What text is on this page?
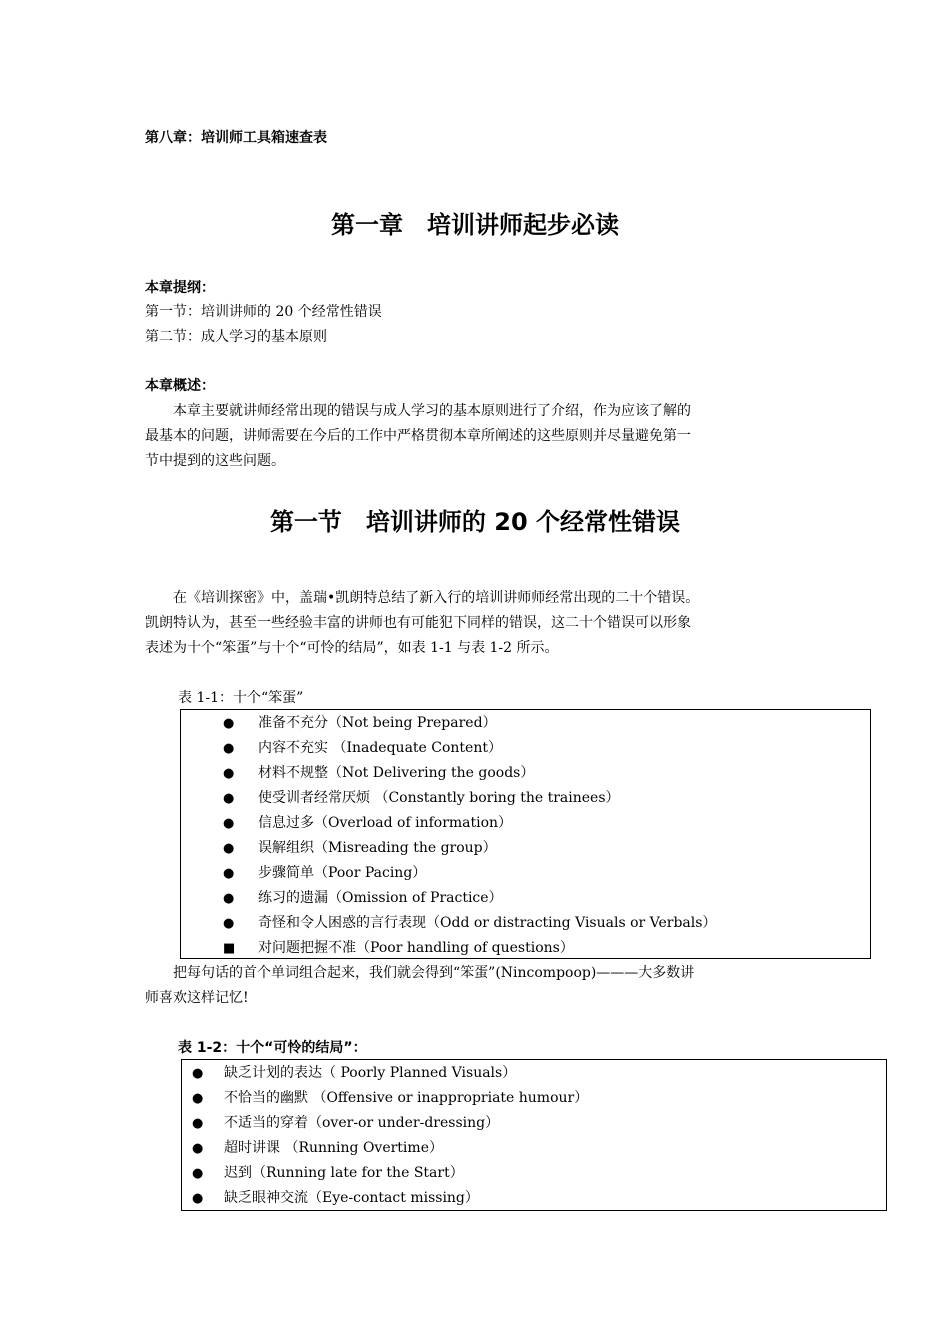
第八章：培训师工具箱速查表

第一章　培训讲师起步必读

本章提纲：

第一节：培训讲师的 20 个经常性错误

第二节：成人学习的基本原则

本章概述：

　　本章主要就讲师经常出现的错误与成人学习的基本原则进行了介绍，作为应该了解的

最基本的问题，讲师需要在今后的工作中严格贯彻本章所阐述的这些原则并尽量避免第一

节中提到的这些问题。

第一节　培训讲师的 20 个经常性错误

　　在《培训探密》中，盖瑞•凯朗特总结了新入行的培训讲师师经常出现的二十个错误。

凯朗特认为，甚至一些经验丰富的讲师也有可能犯下同样的错误，这二十个错误可以形象

表述为十个“笨蛋”与十个“可怜的结局”，如表 1-1 与表 1-2 所示。

表 1-1：十个“笨蛋”

● 准备不充分（Not being Prepared）
● 内容不充实 （Inadequate Content）
● 材料不规整（Not Delivering the goods）
● 使受训者经常厌烦 （Constantly boring the trainees）
● 信息过多（Overload of information）
● 误解组织（Misreading the group）
● 步骤简单（Poor Pacing）
● 练习的遗漏（Omission of Practice）
● 奇怪和令人困惑的言行表现（Odd or distracting Visuals or Verbals）
■ 对问题把握不准（Poor handling of questions）

　　把每句话的首个单词组合起来，我们就会得到“笨蛋”(Nincompoop)———大多数讲

师喜欢这样记忆!

表 1-2：十个“可怜的结局”：

● 缺乏计划的表达（ Poorly Planned Visuals）
● 不恰当的幽默 （Offensive or inappropriate humour）
● 不适当的穿着（over-or under-dressing）
● 超时讲课 （Running Overtime）
● 迟到（Running late for the Start）
● 缺乏眼神交流（Eye-contact missing）
